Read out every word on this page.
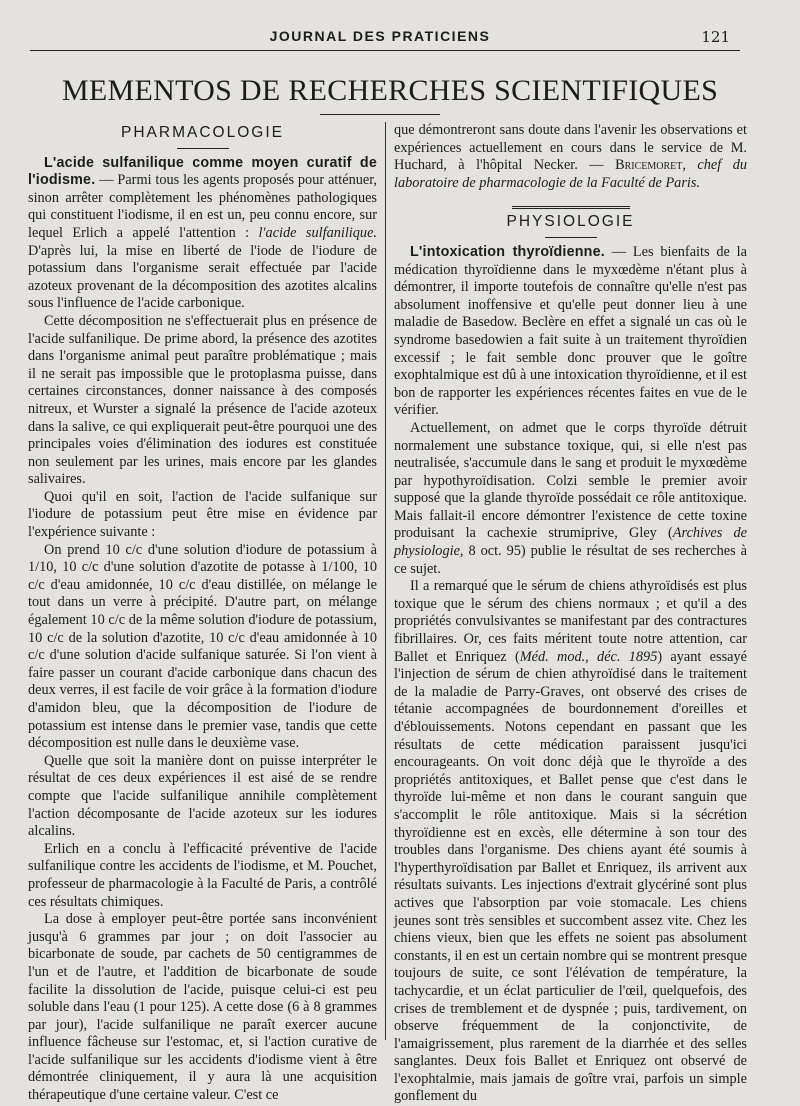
JOURNAL DES PRATICIENS	121
MEMENTOS DE RECHERCHES SCIENTIFIQUES
PHARMACOLOGIE

L'acide sulfanilique comme moyen curatif de l'iodisme. — Parmi tous les agents proposés pour atténuer, sinon arrêter complètement les phénomènes pathologiques qui constituent l'iodisme, il en est un, peu connu encore, sur lequel Erlich a appelé l'attention : l'acide sulfanilique. D'après lui, la mise en liberté de l'iode de l'iodure de potassium dans l'organisme serait effectuée par l'acide azoteux provenant de la décomposition des azotites alcalins sous l'influence de l'acide carbonique.

Cette décomposition ne s'effectuerait plus en présence de l'acide sulfanilique. De prime abord, la présence des azotites dans l'organisme animal peut paraître problématique ; mais il ne serait pas impossible que le protoplasma puisse, dans certaines circonstances, donner naissance à des composés nitreux, et Wurster a signalé la présence de l'acide azoteux dans la salive, ce qui expliquerait peut-être pourquoi une des principales voies d'élimination des iodures est constituée non seulement par les urines, mais encore par les glandes salivaires.

Quoi qu'il en soit, l'action de l'acide sulfanique sur l'iodure de potassium peut être mise en évidence par l'expérience suivante :

On prend 10 c/c d'une solution d'iodure de potassium à 1/10, 10 c/c d'une solution d'azotite de potasse à 1/100, 10 c/c d'eau amidonnée, 10 c/c d'eau distillée, on mélange le tout dans un verre à précipité. D'autre part, on mélange également 10 c/c de la même solution d'iodure de potassium, 10 c/c de la solution d'azotite, 10 c/c d'eau amidonnée à 10 c/c d'une solution d'acide sulfanique saturée. Si l'on vient à faire passer un courant d'acide carbonique dans chacun des deux verres, il est facile de voir grâce à la formation d'iodure d'amidon bleu, que la décomposition de l'iodure de potassium est intense dans le premier vase, tandis que cette décomposition est nulle dans le deuxième vase.

Quelle que soit la manière dont on puisse interpréter le résultat de ces deux expériences il est aisé de se rendre compte que l'acide sulfanilique annihile complètement l'action décomposante de l'acide azoteux sur les iodures alcalins.

Erlich en a conclu à l'efficacité préventive de l'acide sulfanilique contre les accidents de l'iodisme, et M. Pouchet, professeur de pharmacologie à la Faculté de Paris, a contrôlé ces résultats chimiques.

La dose à employer peut-être portée sans inconvénient jusqu'à 6 grammes par jour ; on doit l'associer au bicarbonate de soude, par cachets de 50 centigrammes de l'un et de l'autre, et l'addition de bicarbonate de soude facilite la dissolution de l'acide, puisque celui-ci est peu soluble dans l'eau (1 pour 125). A cette dose (6 à 8 grammes par jour), l'acide sulfanilique ne paraît exercer aucune influence fâcheuse sur l'estomac, et, si l'action curative de l'acide sulfanilique sur les accidents d'iodisme vient à être démontrée cliniquement, il y aura là une acquisition thérapeutique d'une certaine valeur. C'est ce

que démontreront sans doute dans l'avenir les observations et expériences actuellement en cours dans le service de M. Huchard, à l'hôpital Necker. — Bricemoret, chef du laboratoire de pharmacologie de la Faculté de Paris.

PHYSIOLOGIE

L'intoxication thyroïdienne. — Les bienfaits de la médication thyroïdienne dans le myxœdème n'étant plus à démontrer, il importe toutefois de connaître qu'elle n'est pas absolument inoffensive et qu'elle peut donner lieu à une maladie de Basedow. Beclère en effet a signalé un cas où le syndrome basedowien a fait suite à un traitement thyroïdien excessif ; le fait semble donc prouver que le goître exophtalmique est dû à une intoxication thyroïdienne, et il est bon de rapporter les expériences récentes faites en vue de le vérifier.

Actuellement, on admet que le corps thyroïde détruit normalement une substance toxique, qui, si elle n'est pas neutralisée, s'accumule dans le sang et produit le myxœdème par hypothyroïdisation. Colzi semble le premier avoir supposé que la glande thyroïde possédait ce rôle antitoxique. Mais fallait-il encore démontrer l'existence de cette toxine produisant la cachexie strumiprive, Gley (Archives de physiologie, 8 oct. 95) publie le résultat de ses recherches à ce sujet.

Il a remarqué que le sérum de chiens athyroïdisés est plus toxique que le sérum des chiens normaux ; et qu'il a des propriétés convulsivantes se manifestant par des contractures fibrillaires. Or, ces faits méritent toute notre attention, car Ballet et Enriquez (Méd. mod., déc. 1895) ayant essayé l'injection de sérum de chien athyroïdisé dans le traitement de la maladie de Parry-Graves, ont observé des crises de tétanie accompagnées de bourdonnement d'oreilles et d'éblouissements. Notons cependant en passant que les résultats de cette médication paraissent jusqu'ici encourageants. On voit donc déjà que le thyroïde a des propriétés antitoxiques, et Ballet pense que c'est dans le thyroïde lui-même et non dans le courant sanguin que s'accomplit le rôle antitoxique. Mais si la sécrétion thyroïdienne est en excès, elle détermine à son tour des troubles dans l'organisme. Des chiens ayant été soumis à l'hyperthyroïdisation par Ballet et Enriquez, ils arrivent aux résultats suivants. Les injections d'extrait glycériné sont plus actives que l'absorption par voie stomacale. Les chiens jeunes sont très sensibles et succombent assez vite. Chez les chiens vieux, bien que les effets ne soient pas absolument constants, il en est un certain nombre qui se montrent presque toujours de suite, ce sont l'élévation de température, la tachycardie, et un éclat particulier de l'œil, quelquefois, des crises de tremblement et de dyspnée ; puis, tardivement, on observe fréquemment de la conjonctivite, de l'amaigrissement, plus rarement de la diarrhée et des selles sanglantes. Deux fois Ballet et Enriquez ont observé de l'exophtalmie, mais jamais de goître vrai, parfois un simple gonflement du
